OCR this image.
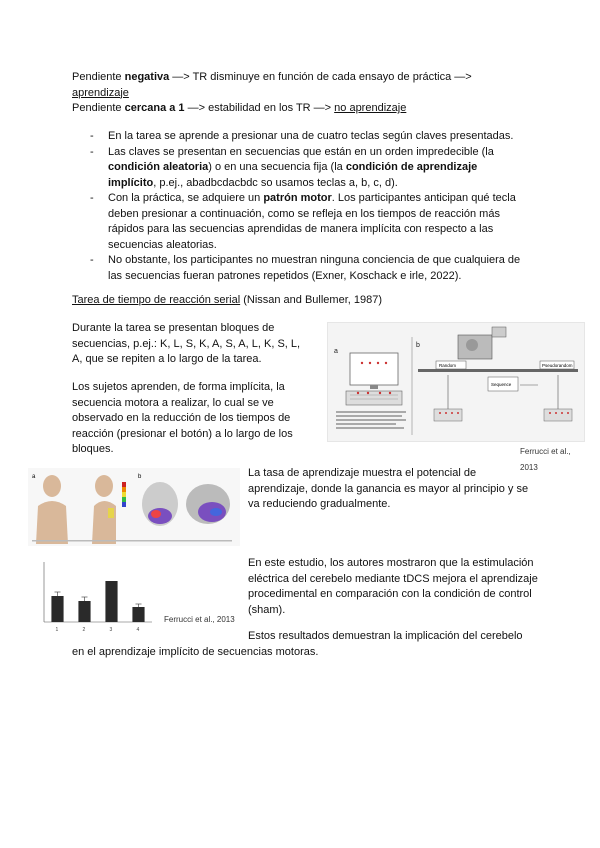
Pendiente negativa —> TR disminuye en función de cada ensayo de práctica —>
aprendizaje

Pendiente cercana a 1 —> estabilidad en los TR —> no aprendizaje

- En la tarea se aprende a presionar una de cuatro teclas según claves presentadas.
- Las claves se presentan en secuencias que están en un orden impredecible (la condición aleatoria) o en una secuencia fija (la condición de aprendizaje implícito, p.ej., abadbcdacbdc so usamos teclas a, b, c, d).
- Con la práctica, se adquiere un patrón motor. Los participantes anticipan qué tecla deben presionar a continuación, como se refleja en los tiempos de reacción más rápidos para las secuencias aprendidas de manera implícita con respecto a las secuencias aleatorias.
- No obstante, los participantes no muestran ninguna conciencia de que cualquiera de las secuencias fueran patrones repetidos (Exner, Koschack e irle, 2022).

Tarea de tiempo de reacción serial (Nissan and Bullemer, 1987)

Durante la tarea se presentan bloques de secuencias, p.ej.: K, L, S, K, A, S, A, L, K, S, L, A, que se repiten a lo largo de la tarea.

Los sujetos aprenden, de forma implícita, la secuencia motora a realizar, lo cual se ve observado en la reducción de los tiempos de reacción (presionar el botón) a lo largo de los bloques.

a
b
Random	Pseudorandom
Sequence

Ferrucci et al., 2013

a	b
1	2	3	4

Ferrucci et al., 2013

La tasa de aprendizaje muestra el potencial de aprendizaje, donde la ganancia es mayor al principio y se va reduciendo gradualmente.

En este estudio, los autores mostraron que la estimulación eléctrica del cerebelo mediante tDCS mejora el aprendizaje procedimental en comparación con la condición de control (sham).

Estos resultados demuestran la implicación del cerebelo

en el aprendizaje implícito de secuencias motoras.
